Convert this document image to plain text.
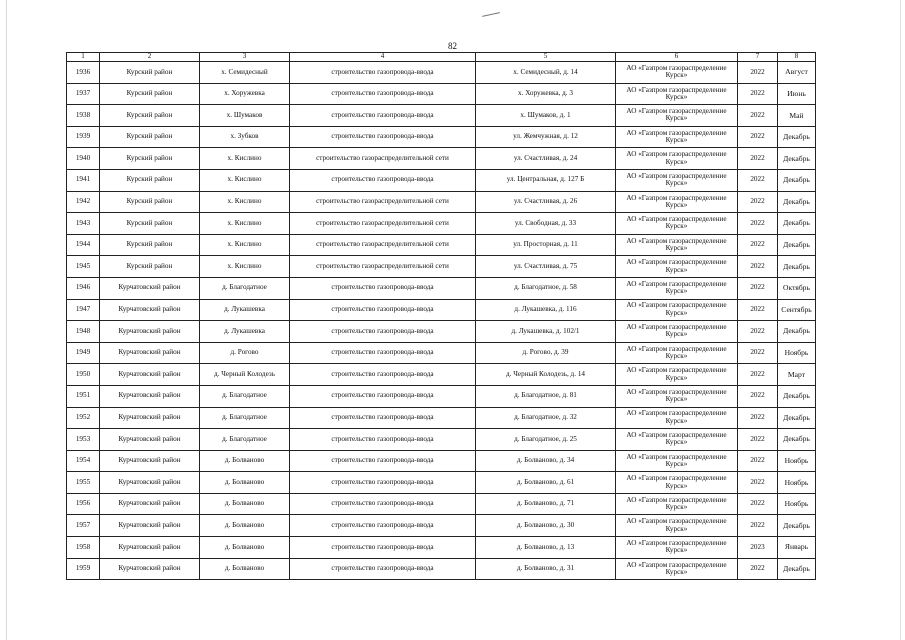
82
1	2	3	4	5	6	7	8
1936	Курский район	х. Семидесный	строительство газопровода-ввода	х. Семидесный, д. 14	АО «Газпром газораспределение Курск»	2022	Август
1937	Курский район	х. Хоружевка	строительство газопровода-ввода	х. Хоружевка, д. 3	АО «Газпром газораспределение Курск»	2022	Июнь
1938	Курский район	х. Шумаков	строительство газопровода-ввода	х. Шумаков, д. 1	АО «Газпром газораспределение Курск»	2022	Май
1939	Курский район	х. Зубков	строительство газопровода-ввода	ул. Жемчужная, д. 12	АО «Газпром газораспределение Курск»	2022	Декабрь
1940	Курский район	х. Кислино	строительство газораспределительной сети	ул. Счастливая, д. 24	АО «Газпром газораспределение Курск»	2022	Декабрь
1941	Курский район	х. Кислино	строительство газопровода-ввода	ул. Центральная, д. 127 Б	АО «Газпром газораспределение Курск»	2022	Декабрь
1942	Курский район	х. Кислино	строительство газораспределительной сети	ул. Счастливая, д. 26	АО «Газпром газораспределение Курск»	2022	Декабрь
1943	Курский район	х. Кислино	строительство газораспределительной сети	ул. Свободная, д. 33	АО «Газпром газораспределение Курск»	2022	Декабрь
1944	Курский район	х. Кислино	строительство газораспределительной сети	ул. Просторная, д. 11	АО «Газпром газораспределение Курск»	2022	Декабрь
1945	Курский район	х. Кислино	строительство газораспределительной сети	ул. Счастливая, д. 75	АО «Газпром газораспределение Курск»	2022	Декабрь
1946	Курчатовский район	д. Благодатное	строительство газопровода-ввода	д. Благодатное, д. 58	АО «Газпром газораспределение Курск»	2022	Октябрь
1947	Курчатовский район	д. Лукашевка	строительство газопровода-ввода	д. Лукашевка, д. 116	АО «Газпром газораспределение Курск»	2022	Сентябрь
1948	Курчатовский район	д. Лукашевка	строительство газопровода-ввода	д. Лукашевка, д. 102/1	АО «Газпром газораспределение Курск»	2022	Декабрь
1949	Курчатовский район	д. Рогово	строительство газопровода-ввода	д. Рогово, д. 39	АО «Газпром газораспределение Курск»	2022	Ноябрь
1950	Курчатовский район	д. Черный Колодезь	строительство газопровода-ввода	д. Черный Колодезь, д. 14	АО «Газпром газораспределение Курск»	2022	Март
1951	Курчатовский район	д. Благодатное	строительство газопровода-ввода	д. Благодатное, д. 81	АО «Газпром газораспределение Курск»	2022	Декабрь
1952	Курчатовский район	д. Благодатное	строительство газопровода-ввода	д. Благодатное, д. 32	АО «Газпром газораспределение Курск»	2022	Декабрь
1953	Курчатовский район	д. Благодатное	строительство газопровода-ввода	д. Благодатное, д. 25	АО «Газпром газораспределение Курск»	2022	Декабрь
1954	Курчатовский район	д. Болваново	строительство газопровода-ввода	д. Болваново, д. 34	АО «Газпром газораспределение Курск»	2022	Ноябрь
1955	Курчатовский район	д. Болваново	строительство газопровода-ввода	д. Болваново, д. 61	АО «Газпром газораспределение Курск»	2022	Ноябрь
1956	Курчатовский район	д. Болваново	строительство газопровода-ввода	д. Болваново, д. 71	АО «Газпром газораспределение Курск»	2022	Ноябрь
1957	Курчатовский район	д. Болваново	строительство газопровода-ввода	д. Болваново, д. 30	АО «Газпром газораспределение Курск»	2022	Декабрь
1958	Курчатовский район	д. Болваново	строительство газопровода-ввода	д. Болваново, д. 13	АО «Газпром газораспределение Курск»	2023	Январь
1959	Курчатовский район	д. Болваново	строительство газопровода-ввода	д. Болваново, д. 31	АО «Газпром газораспределение Курск»	2022	Декабрь
